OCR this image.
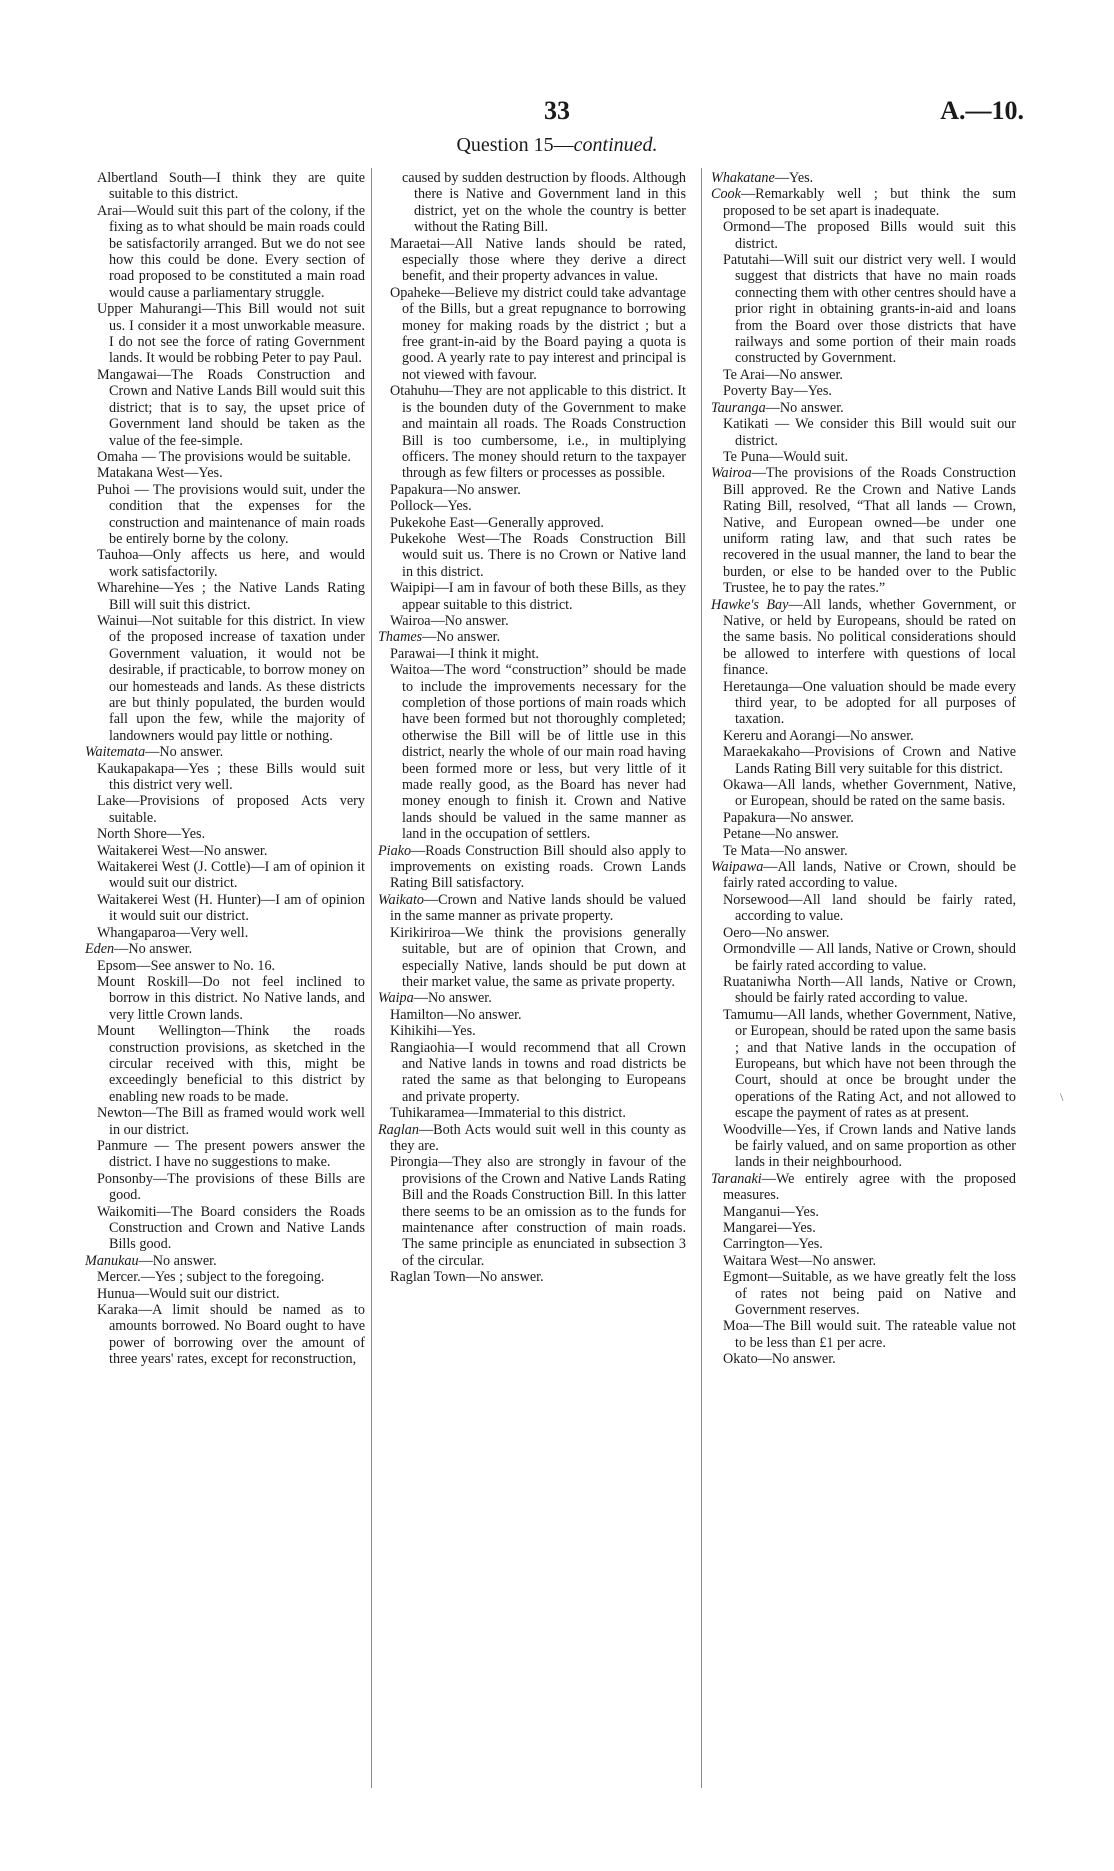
33	A.—10.
Question 15—continued.

Albertland South—I think they are quite suitable to this district.

Arai—Would suit this part of the colony, if the fixing as to what should be main roads could be satisfactorily arranged. But we do not see how this could be done. Every section of road proposed to be constituted a main road would cause a parliamentary struggle.

Upper Mahurangi—This Bill would not suit us. I consider it a most unworkable measure. I do not see the force of rating Government lands. It would be robbing Peter to pay Paul.

Mangawai—The Roads Construction and Crown and Native Lands Bill would suit this district; that is to say, the upset price of Government land should be taken as the value of the fee-simple.

Omaha — The provisions would be suitable.

Matakana West—Yes.

Puhoi — The provisions would suit, under the condition that the expenses for the construction and maintenance of main roads be entirely borne by the colony.

Tauhoa—Only affects us here, and would work satisfactorily.

Wharehine—Yes ; the Native Lands Rating Bill will suit this district.

Wainui—Not suitable for this district. In view of the proposed increase of taxation under Government valuation, it would not be desirable, if practicable, to borrow money on our homesteads and lands. As these districts are but thinly populated, the burden would fall upon the few, while the majority of landowners would pay little or nothing.

Waitemata—No answer.

Kaukapakapa—Yes ; these Bills would suit this district very well.

Lake—Provisions of proposed Acts very suitable.

North Shore—Yes.

Waitakerei West—No answer.

Waitakerei West (J. Cottle)—I am of opinion it would suit our district.

Waitakerei West (H. Hunter)—I am of opinion it would suit our district.

Whangaparoa—Very well.

Eden—No answer.

Epsom—See answer to No. 16.

Mount Roskill—Do not feel inclined to borrow in this district. No Native lands, and very little Crown lands.

Mount Wellington—Think the roads construction provisions, as sketched in the circular received with this, might be exceedingly beneficial to this district by enabling new roads to be made.

Newton—The Bill as framed would work well in our district.

Panmure — The present powers answer the district. I have no suggestions to make.

Ponsonby—The provisions of these Bills are good.

Waikomiti—The Board considers the Roads Construction and Crown and Native Lands Bills good.

Manukau—No answer.

Mercer.—Yes ; subject to the foregoing.

Hunua—Would suit our district.

Karaka—A limit should be named as to amounts borrowed. No Board ought to have power of borrowing over the amount of three years' rates, except for reconstruction,

caused by sudden destruction by floods. Although there is Native and Government land in this district, yet on the whole the country is better without the Rating Bill.

Maraetai—All Native lands should be rated, especially those where they derive a direct benefit, and their property advances in value.

Opaheke—Believe my district could take advantage of the Bills, but a great repugnance to borrowing money for making roads by the district ; but a free grant-in-aid by the Board paying a quota is good. A yearly rate to pay interest and principal is not viewed with favour.

Otahuhu—They are not applicable to this district. It is the bounden duty of the Government to make and maintain all roads. The Roads Construction Bill is too cumbersome, i.e., in multiplying officers. The money should return to the taxpayer through as few filters or processes as possible.

Papakura—No answer.

Pollock—Yes.

Pukekohe East—Generally approved.

Pukekohe West—The Roads Construction Bill would suit us. There is no Crown or Native land in this district.

Waipipi—I am in favour of both these Bills, as they appear suitable to this district.

Wairoa—No answer.

Thames—No answer.

Parawai—I think it might.

Waitoa—The word “construction” should be made to include the improvements necessary for the completion of those portions of main roads which have been formed but not thoroughly completed; otherwise the Bill will be of little use in this district, nearly the whole of our main road having been formed more or less, but very little of it made really good, as the Board has never had money enough to finish it. Crown and Native lands should be valued in the same manner as land in the occupation of settlers.

Piako—Roads Construction Bill should also apply to improvements on existing roads. Crown Lands Rating Bill satisfactory.

Waikato—Crown and Native lands should be valued in the same manner as private property.

Kirikiriroa—We think the provisions generally suitable, but are of opinion that Crown, and especially Native, lands should be put down at their market value, the same as private property.

Waipa—No answer.

Hamilton—No answer.

Kihikihi—Yes.

Rangiaohia—I would recommend that all Crown and Native lands in towns and road districts be rated the same as that belonging to Europeans and private property.

Tuhikaramea—Immaterial to this district.

Raglan—Both Acts would suit well in this county as they are.

Pirongia—They also are strongly in favour of the provisions of the Crown and Native Lands Rating Bill and the Roads Construction Bill. In this latter there seems to be an omission as to the funds for maintenance after construction of main roads. The same principle as enunciated in subsection 3 of the circular.

Raglan Town—No answer.

Whakatane—Yes.

Cook—Remarkably well ; but think the sum proposed to be set apart is inadequate.

Ormond—The proposed Bills would suit this district.

Patutahi—Will suit our district very well. I would suggest that districts that have no main roads connecting them with other centres should have a prior right in obtaining grants-in-aid and loans from the Board over those districts that have railways and some portion of their main roads constructed by Government.

Te Arai—No answer.

Poverty Bay—Yes.

Tauranga—No answer.

Katikati — We consider this Bill would suit our district.

Te Puna—Would suit.

Wairoa—The provisions of the Roads Construction Bill approved. Re the Crown and Native Lands Rating Bill, resolved, “That all lands — Crown, Native, and European owned—be under one uniform rating law, and that such rates be recovered in the usual manner, the land to bear the burden, or else to be handed over to the Public Trustee, he to pay the rates.”

Hawke's Bay—All lands, whether Government, or Native, or held by Europeans, should be rated on the same basis. No political considerations should be allowed to interfere with questions of local finance.

Heretaunga—One valuation should be made every third year, to be adopted for all purposes of taxation.

Kereru and Aorangi—No answer.

Maraekakaho—Provisions of Crown and Native Lands Rating Bill very suitable for this district.

Okawa—All lands, whether Government, Native, or European, should be rated on the same basis.

Papakura—No answer.

Petane—No answer.

Te Mata—No answer.

Waipawa—All lands, Native or Crown, should be fairly rated according to value.

Norsewood—All land should be fairly rated, according to value.

Oero—No answer.

Ormondville — All lands, Native or Crown, should be fairly rated according to value.

Ruataniwha North—All lands, Native or Crown, should be fairly rated according to value.

Tamumu—All lands, whether Government, Native, or European, should be rated upon the same basis ; and that Native lands in the occupation of Europeans, but which have not been through the Court, should at once be brought under the operations of the Rating Act, and not allowed to escape the payment of rates as at present.

Woodville—Yes, if Crown lands and Native lands be fairly valued, and on same proportion as other lands in their neighbourhood.

Taranaki—We entirely agree with the proposed measures.

Manganui—Yes.

Mangarei—Yes.

Carrington—Yes.

Waitara West—No answer.

Egmont—Suitable, as we have greatly felt the loss of rates not being paid on Native and Government reserves.

Moa—The Bill would suit. The rateable value not to be less than £1 per acre.

Okato—No answer.

\
